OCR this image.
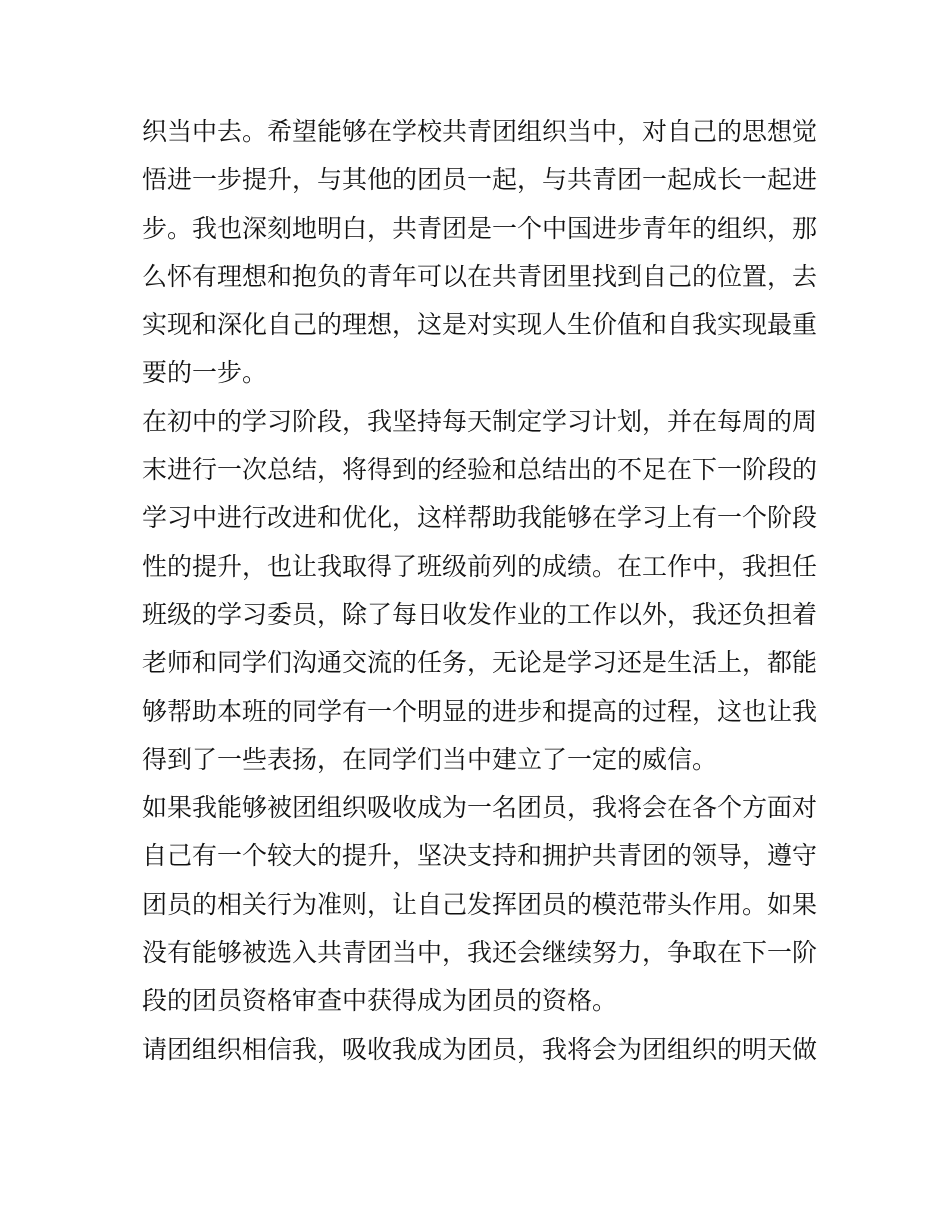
织当中去。希望能够在学校共青团组织当中，对自己的思想觉
悟进一步提升，与其他的团员一起，与共青团一起成长一起进
步。我也深刻地明白，共青团是一个中国进步青年的组织，那
么怀有理想和抱负的青年可以在共青团里找到自己的位置，去
实现和深化自己的理想，这是对实现人生价值和自我实现最重
要的一步。
在初中的学习阶段，我坚持每天制定学习计划，并在每周的周
末进行一次总结，将得到的经验和总结出的不足在下一阶段的
学习中进行改进和优化，这样帮助我能够在学习上有一个阶段
性的提升，也让我取得了班级前列的成绩。在工作中，我担任
班级的学习委员，除了每日收发作业的工作以外，我还负担着
老师和同学们沟通交流的任务，无论是学习还是生活上，都能
够帮助本班的同学有一个明显的进步和提高的过程，这也让我
得到了一些表扬，在同学们当中建立了一定的威信。
如果我能够被团组织吸收成为一名团员，我将会在各个方面对
自己有一个较大的提升，坚决支持和拥护共青团的领导，遵守
团员的相关行为准则，让自己发挥团员的模范带头作用。如果
没有能够被选入共青团当中，我还会继续努力，争取在下一阶
段的团员资格审查中获得成为团员的资格。
请团组织相信我，吸收我成为团员，我将会为团组织的明天做
